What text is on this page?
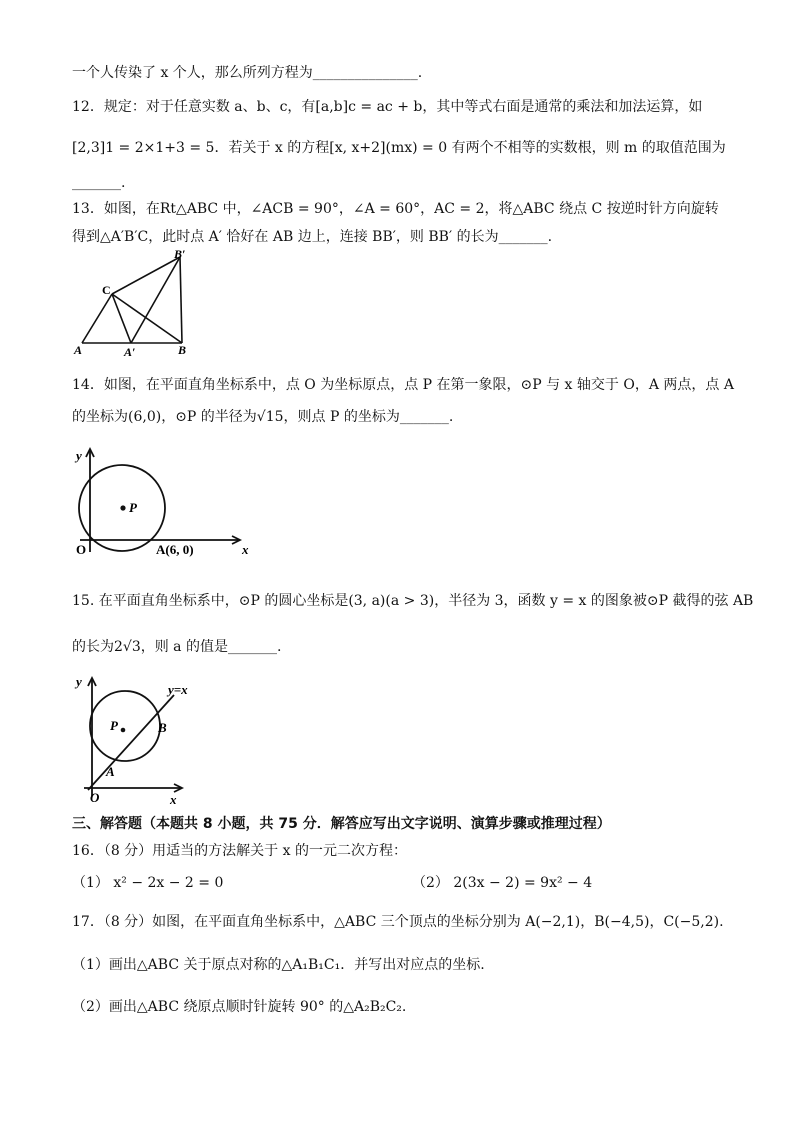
一个人传染了 x 个人，那么所列方程为_______________.
12．规定：对于任意实数 a、b、c，有[a,b]c = ac + b，其中等式右面是通常的乘法和加法运算，如
[2,3]1 = 2×1+3 = 5．若关于 x 的方程[x, x+2](mx) = 0 有两个不相等的实数根，则 m 的取值范围为
_______.
13．如图，在Rt△ABC 中，∠ACB = 90°，∠A = 60°，AC = 2，将△ABC 绕点 C 按逆时针方向旋转
得到△A′B′C，此时点 A′ 恰好在 AB 边上，连接 BB′，则 BB′ 的长为_______.
B′
C
A	A′	B
14．如图，在平面直角坐标系中，点 O 为坐标原点，点 P 在第一象限，⊙P 与 x 轴交于 O，A 两点，点 A
的坐标为(6,0)，⊙P 的半径为√15，则点 P 的坐标为_______.
y
x
O
P
A(6, 0)
15. 在平面直角坐标系中，⊙P 的圆心坐标是(3, a)(a > 3)，半径为 3，函数 y = x 的图象被⊙P 截得的弦 AB
的长为2√3，则 a 的值是_______.
y
x
O
P
A
B
y=x
三、解答题（本题共 8 小题，共 75 分．解答应写出文字说明、演算步骤或推理过程）
16．（8 分）用适当的方法解关于 x 的一元二次方程：
（1） x² − 2x − 2 = 0	（2） 2(3x − 2) = 9x² − 4
17．（8 分）如图，在平面直角坐标系中，△ABC 三个顶点的坐标分别为 A(−2,1)，B(−4,5)，C(−5,2).
（1）画出△ABC 关于原点对称的△A₁B₁C₁．并写出对应点的坐标.
（2）画出△ABC 绕原点顺时针旋转 90° 的△A₂B₂C₂.
